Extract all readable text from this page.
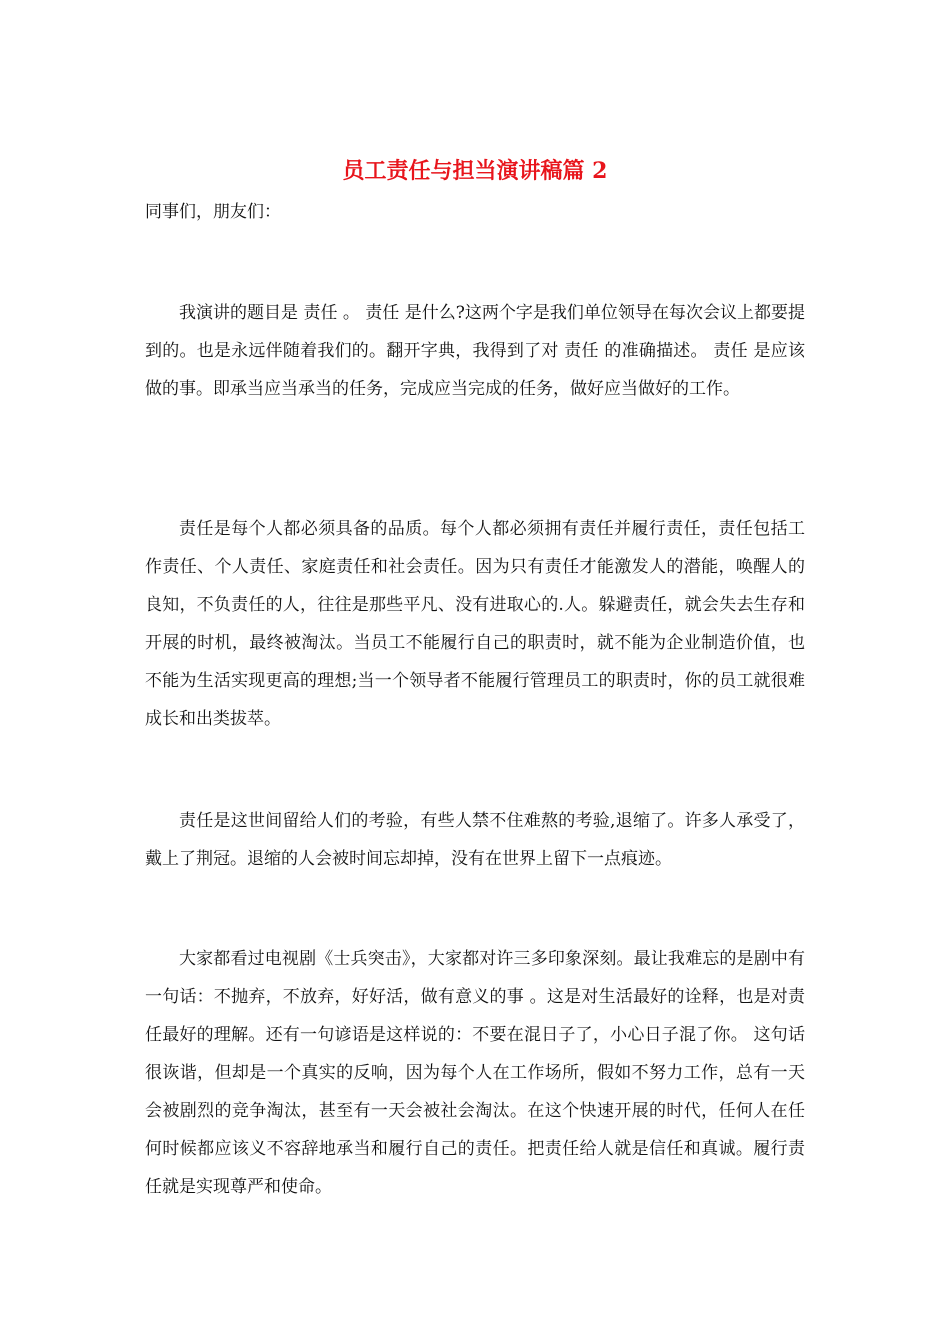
员工责任与担当演讲稿篇 2

同事们，朋友们：

我演讲的题目是 责任 。 责任 是什么?这两个字是我们单位领导在每次会议上都要提到的。也是永远伴随着我们的。翻开字典，我得到了对 责任 的准确描述。 责任 是应该做的事。即承当应当承当的任务，完成应当完成的任务，做好应当做好的工作。

责任是每个人都必须具备的品质。每个人都必须拥有责任并履行责任，责任包括工作责任、个人责任、家庭责任和社会责任。因为只有责任才能激发人的潜能，唤醒人的良知，不负责任的人，往往是那些平凡、没有进取心的.人。躲避责任，就会失去生存和开展的时机，最终被淘汰。当员工不能履行自己的职责时，就不能为企业制造价值，也不能为生活实现更高的理想;当一个领导者不能履行管理员工的职责时，你的员工就很难成长和出类拔萃。

责任是这世间留给人们的考验，有些人禁不住难熬的考验,退缩了。许多人承受了，戴上了荆冠。退缩的人会被时间忘却掉，没有在世界上留下一点痕迹。

大家都看过电视剧《士兵突击》，大家都对许三多印象深刻。最让我难忘的是剧中有一句话：不抛弃，不放弃，好好活，做有意义的事 。这是对生活最好的诠释，也是对责任最好的理解。还有一句谚语是这样说的：不要在混日子了，小心日子混了你。 这句话很诙谐，但却是一个真实的反响，因为每个人在工作场所，假如不努力工作，总有一天会被剧烈的竞争淘汰，甚至有一天会被社会淘汰。在这个快速开展的时代，任何人在任何时候都应该义不容辞地承当和履行自己的责任。把责任给人就是信任和真诚。履行责任就是实现尊严和使命。
